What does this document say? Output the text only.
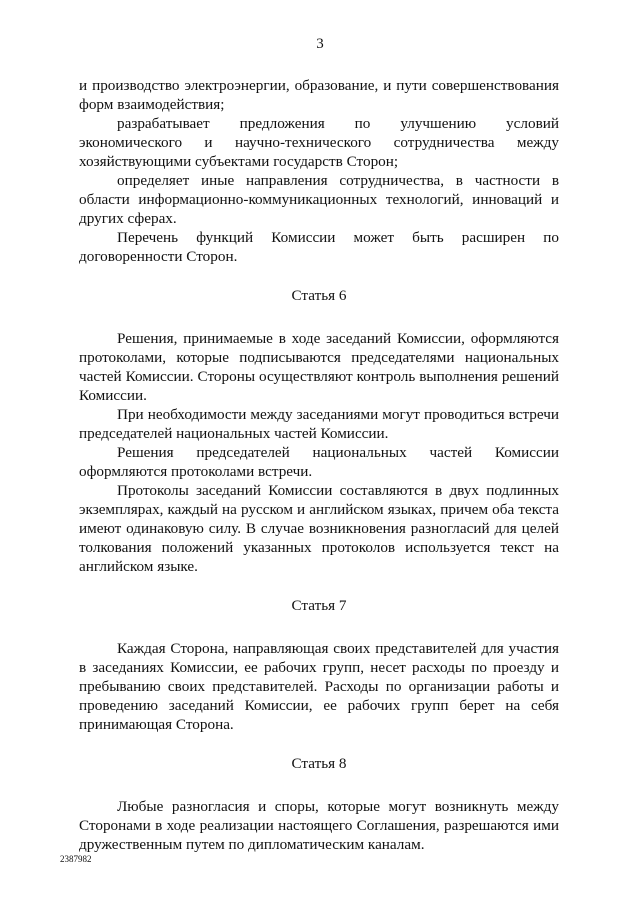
3

и производство электроэнергии, образование, и пути совершенствования форм взаимодействия;

разрабатывает предложения по улучшению условий экономического и научно-технического сотрудничества между хозяйствующими субъектами государств Сторон;

определяет иные направления сотрудничества, в частности в области информационно-коммуникационных технологий, инноваций и других сферах.

Перечень функций Комиссии может быть расширен по договоренности Сторон.

Статья 6

Решения, принимаемые в ходе заседаний Комиссии, оформляются протоколами, которые подписываются председателями национальных частей Комиссии. Стороны осуществляют контроль выполнения решений Комиссии.

При необходимости между заседаниями могут проводиться встречи председателей национальных частей Комиссии.

Решения председателей национальных частей Комиссии оформляются протоколами встречи.

Протоколы заседаний Комиссии составляются в двух подлинных экземплярах, каждый на русском и английском языках, причем оба текста имеют одинаковую силу. В случае возникновения разногласий для целей толкования положений указанных протоколов используется текст на английском языке.

Статья 7

Каждая Сторона, направляющая своих представителей для участия в заседаниях Комиссии, ее рабочих групп, несет расходы по проезду и пребыванию своих представителей. Расходы по организации работы и проведению заседаний Комиссии, ее рабочих групп берет на себя принимающая Сторона.

Статья 8

Любые разногласия и споры, которые могут возникнуть между Сторонами в ходе реализации настоящего Соглашения, разрешаются ими дружественным путем по дипломатическим каналам.

2387982
